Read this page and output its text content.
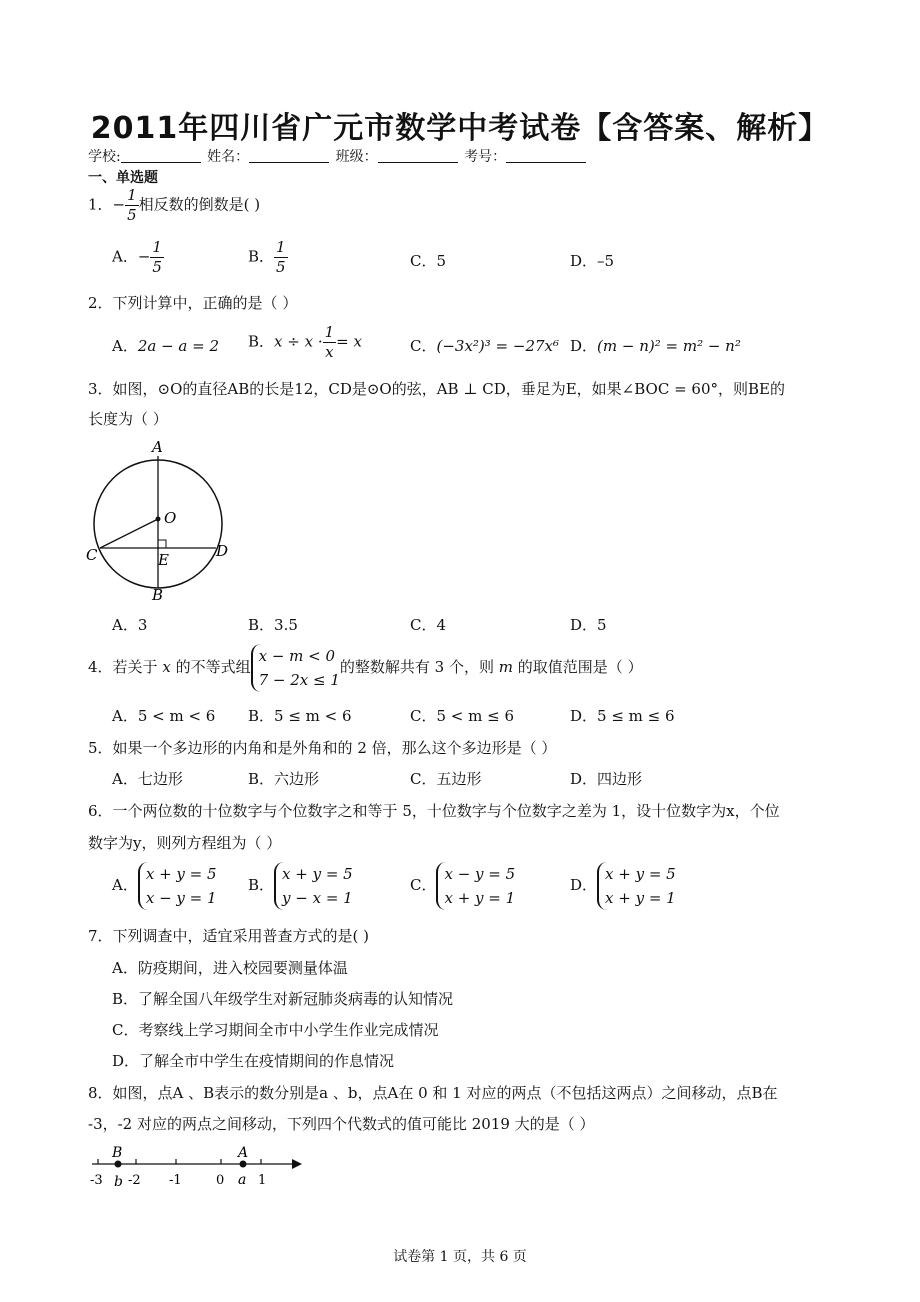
2011年四川省广元市数学中考试卷【含答案、解析】
学校:	姓名：	班级：	考号：
一、单选题
1．− $\frac{1}{5}$ 相反数的倒数是( )
A．− $\frac{1}{5}$	B． $\frac{1}{5}$	C．5	D．–5
2．下列计算中，正确的是（ ）
A．2a − a = 2 B．$x \div x \cdot \frac{1}{x} = x$	C．(−3x²)³ = −27x⁶ D．(m − n)² = m² − n²
3．如图，⊙O的直径AB的长是12，CD是⊙O的弦，AB ⊥ CD，垂足为E，如果∠BOC = 60°，则BE的
长度为（ ）
A
O
C	D
E
B
A．3	B．3.5	C．4	D．5
4．若关于 x 的不等式组
x − m < 0
7 − 2x ≤ 1
的整数解共有 3 个，则 m 的取值范围是（ ）
A．5 < m < 6 B．5 ≤ m < 6	C．5 < m ≤ 6	D．5 ≤ m ≤ 6
5．如果一个多边形的内角和是外角和的 2 倍，那么这个多边形是（ ）
A．七边形	B．六边形	C．五边形	D．四边形
6．一个两位数的十位数字与个位数字之和等于 5，十位数字与个位数字之差为 1，设十位数字为x，个位
数字为y，则列方程组为（ ）
A．
x + y = 5
x − y = 1
B．
x + y = 5
y − x = 1
C．
x − y = 5
x + y = 1
D．
x + y = 5
x + y = 1
7．下列调查中，适宜采用普查方式的是( )
A．防疫期间，进入校园要测量体温
B．了解全国八年级学生对新冠肺炎病毒的认知情况
C．考察线上学习期间全市中小学生作业完成情况
D．了解全市中学生在疫情期间的作息情况
8．如图，点A 、B表示的数分别是a 、b，点A在 0 和 1 对应的两点（不包括这两点）之间移动，点B在
-3，-2 对应的两点之间移动，下列四个代数式的值可能比 2019 大的是（ ）
B	A
-3 b -2 -1	0 a 1
试卷第 1 页，共 6 页
